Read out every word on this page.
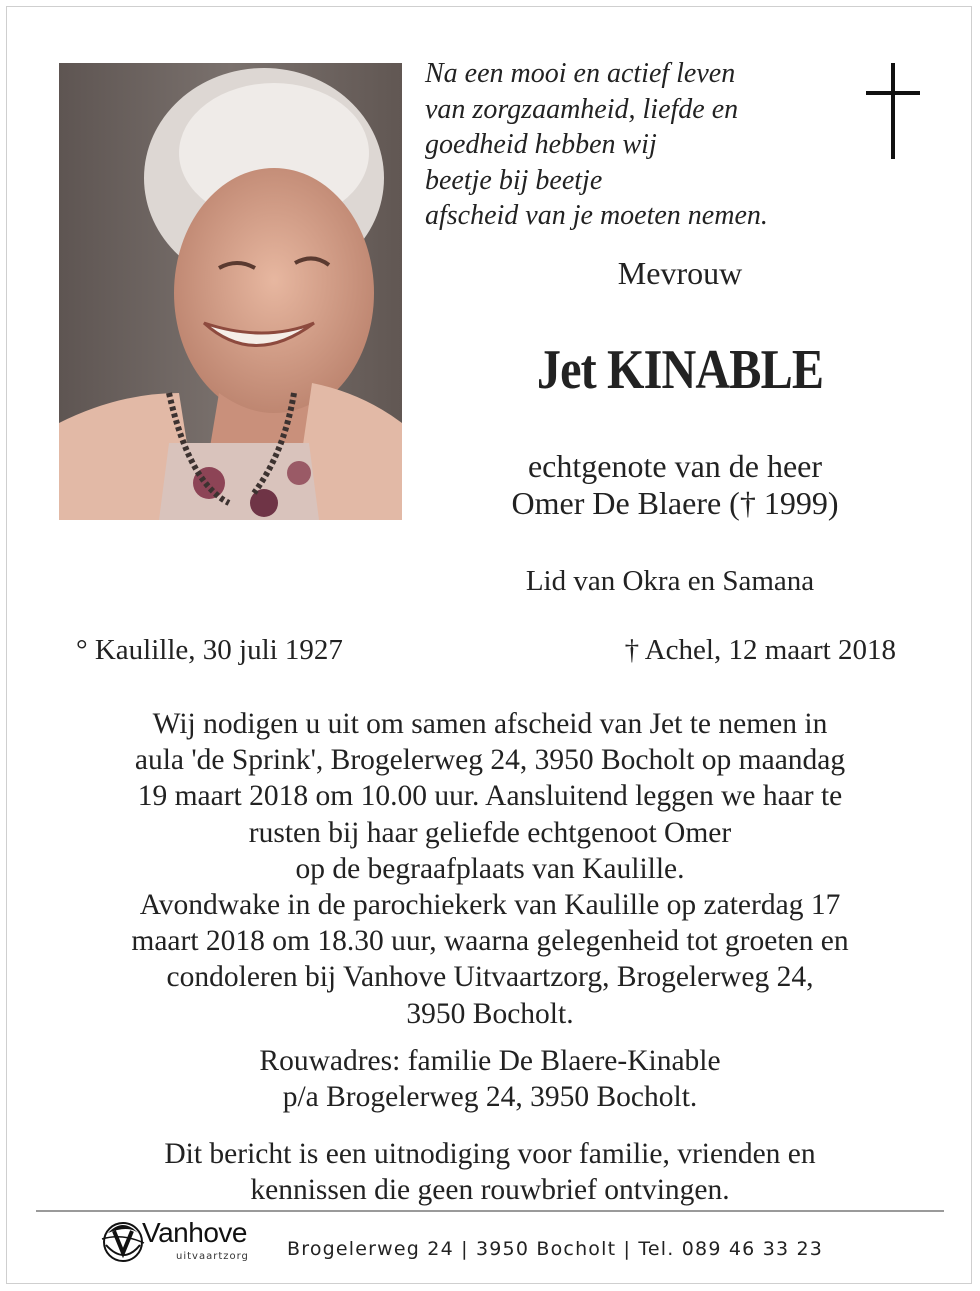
Na een mooi en actief leven
van zorgzaamheid, liefde en
goedheid hebben wij
beetje bij beetje
afscheid van je moeten nemen.
Mevrouw
Jet KINABLE
echtgenote van de heer
Omer De Blaere († 1999)
Lid van Okra en Samana
° Kaulille, 30 juli 1927	† Achel, 12 maart 2018
Wij nodigen u uit om samen afscheid van Jet te nemen in
aula 'de Sprink', Brogelerweg 24, 3950 Bocholt op maandag
19 maart 2018 om 10.00 uur. Aansluitend leggen we haar te
rusten bij haar geliefde echtgenoot Omer
op de begraafplaats van Kaulille.
Avondwake in de parochiekerk van Kaulille op zaterdag 17
maart 2018 om 18.30 uur, waarna gelegenheid tot groeten en
condoleren bij Vanhove Uitvaartzorg, Brogelerweg 24,
3950 Bocholt.
Rouwadres: familie De Blaere-Kinable
p/a Brogelerweg 24, 3950 Bocholt.
Dit bericht is een uitnodiging voor familie, vrienden en
kennissen die geen rouwbrief ontvingen.
Vanhove
uitvaartzorg Brogelerweg 24 | 3950 Bocholt | Tel. 089 46 33 23
